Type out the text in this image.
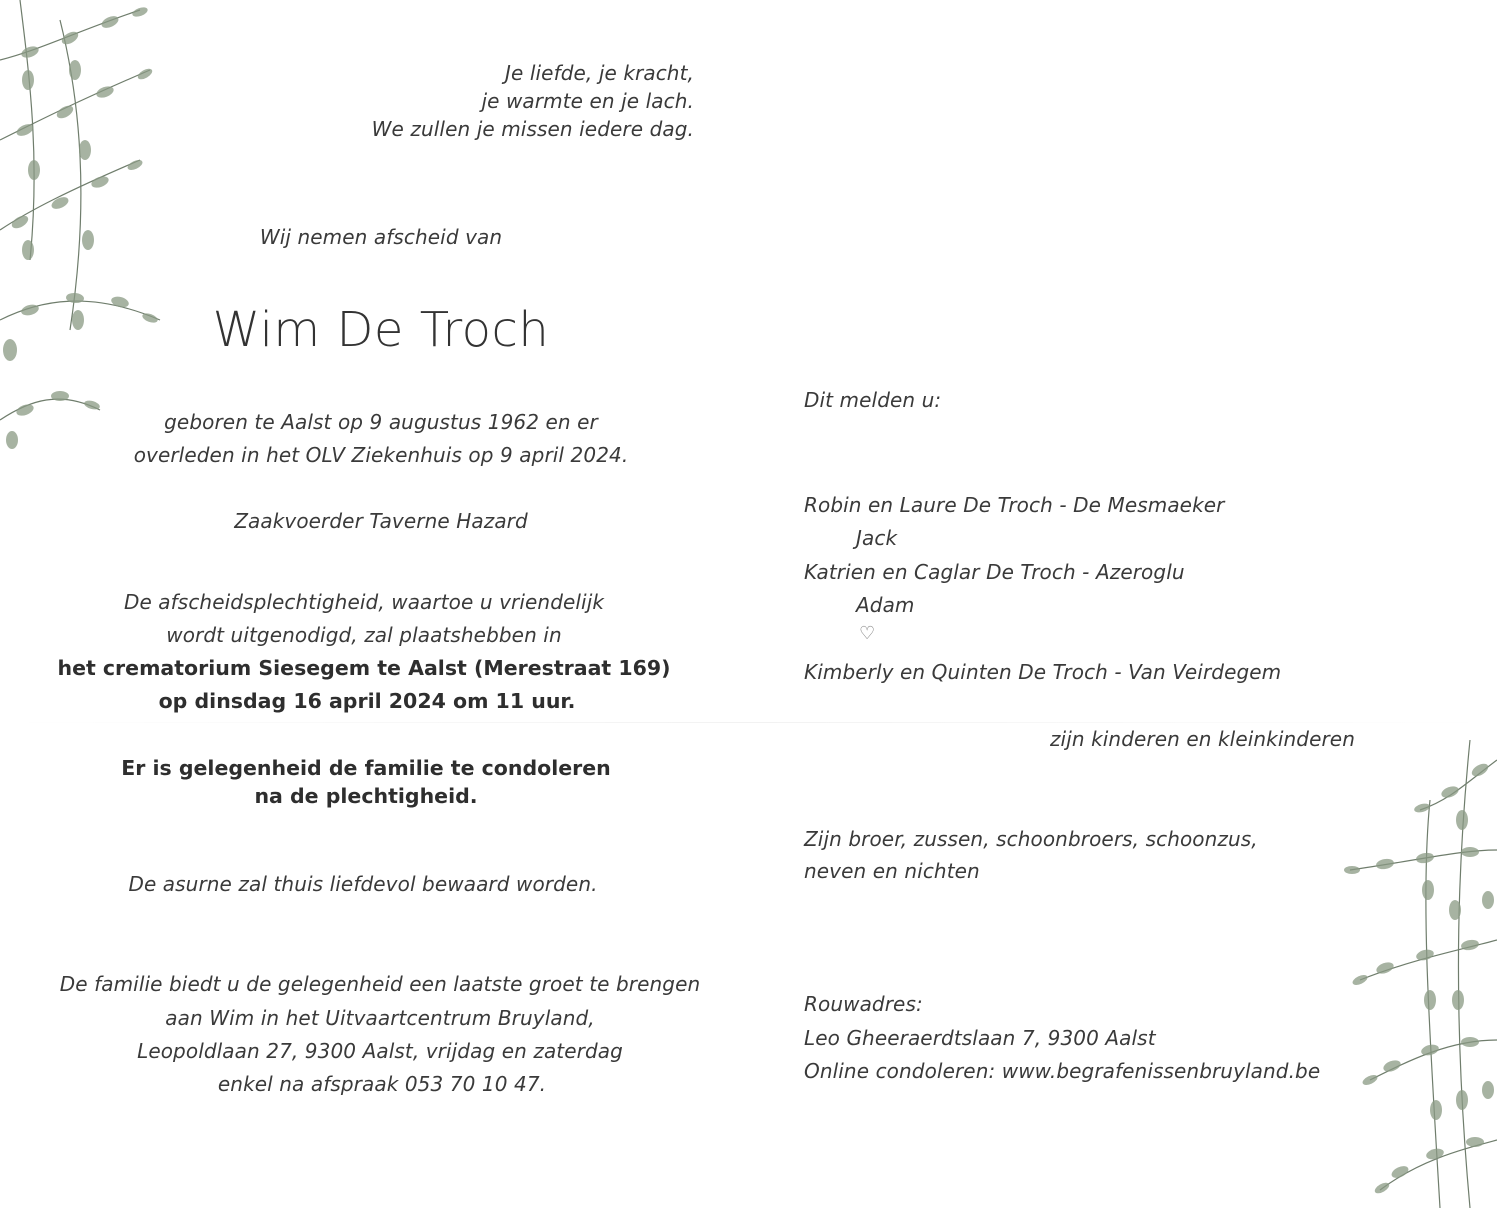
Je liefde, je kracht,
je warmte en je lach.
We zullen je missen iedere dag.
Wij nemen afscheid van
Wim De Troch
geboren te Aalst op 9 augustus 1962 en er
overleden in het OLV Ziekenhuis op 9 april 2024.
Zaakvoerder Taverne Hazard
De afscheidsplechtigheid, waartoe u vriendelijk
wordt uitgenodigd, zal plaatshebben in
het crematorium Siesegem te Aalst (Merestraat 169)
op dinsdag 16 april 2024 om 11 uur.
Er is gelegenheid de familie te condoleren
na de plechtigheid.
De asurne zal thuis liefdevol bewaard worden.
De familie biedt u de gelegenheid een laatste groet te brengen
aan Wim in het Uitvaartcentrum Bruyland,
Leopoldlaan 27, 9300 Aalst, vrijdag en zaterdag
enkel na afspraak 053 70 10 47.
Dit melden u:
Robin en Laure De Troch - De Mesmaeker
Jack
Katrien en Caglar De Troch - Azeroglu
Adam
♡
Kimberly en Quinten De Troch - Van Veirdegem
zijn kinderen en kleinkinderen
Zijn broer, zussen, schoonbroers, schoonzus,
neven en nichten
Rouwadres:
Leo Gheeraerdtslaan 7, 9300 Aalst
Online condoleren: www.begrafenissenbruyland.be
